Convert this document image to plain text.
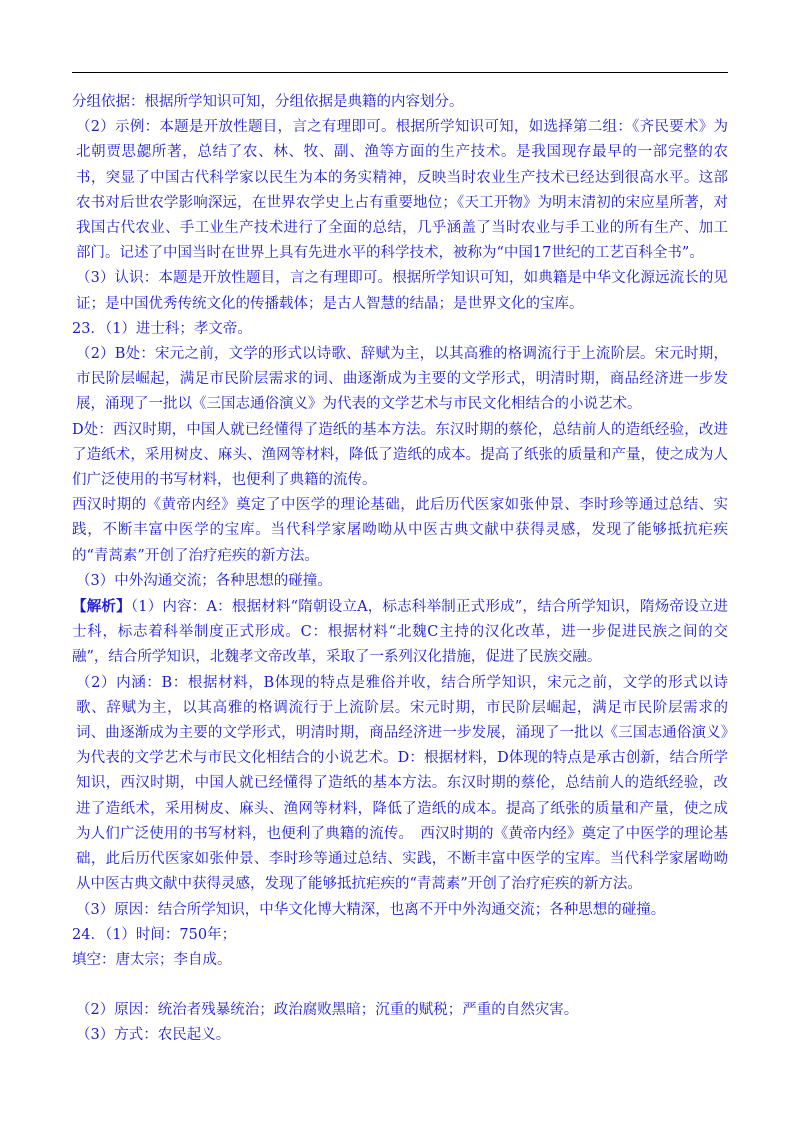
分组依据：根据所学知识可知，分组依据是典籍的内容划分。

（2）示例：本题是开放性题目，言之有理即可。根据所学知识可知，如选择第二组：《齐民要术》为北朝贾思勰所著，总结了农、林、牧、副、渔等方面的生产技术。是我国现存最早的一部完整的农书，突显了中国古代科学家以民生为本的务实精神，反映当时农业生产技术已经达到很高水平。这部农书对后世农学影响深远，在世界农学史上占有重要地位；《天工开物》为明末清初的宋应星所著，对我国古代农业、手工业生产技术进行了全面的总结，几乎涵盖了当时农业与手工业的所有生产、加工部门。记述了中国当时在世界上具有先进水平的科学技术，被称为“中国17世纪的工艺百科全书”。

（3）认识：本题是开放性题目，言之有理即可。根据所学知识可知，如典籍是中华文化源远流长的见证；是中国优秀传统文化的传播载体；是古人智慧的结晶；是世界文化的宝库。

23．（1）进士科；孝文帝。

（2）B处：宋元之前，文学的形式以诗歌、辞赋为主，以其高雅的格调流行于上流阶层。宋元时期，市民阶层崛起，满足市民阶层需求的词、曲逐渐成为主要的文学形式，明清时期，商品经济进一步发展，涌现了一批以《三国志通俗演义》为代表的文学艺术与市民文化相结合的小说艺术。

D处：西汉时期，中国人就已经懂得了造纸的基本方法。东汉时期的蔡伦，总结前人的造纸经验，改进了造纸术，采用树皮、麻头、渔网等材料，降低了造纸的成本。提高了纸张的质量和产量，使之成为人们广泛使用的书写材料，也便利了典籍的流传。

西汉时期的《黄帝内经》奠定了中医学的理论基础，此后历代医家如张仲景、李时珍等通过总结、实践，不断丰富中医学的宝库。当代科学家屠呦呦从中医古典文献中获得灵感，发现了能够抵抗疟疾的“青蒿素”开创了治疗疟疾的新方法。

（3）中外沟通交流；各种思想的碰撞。

【解析】（1）内容：A：根据材料“隋朝设立A，标志科举制正式形成”，结合所学知识，隋炀帝设立进士科，标志着科举制度正式形成。C：根据材料“北魏C主持的汉化改革，进一步促进民族之间的交融”，结合所学知识，北魏孝文帝改革，采取了一系列汉化措施，促进了民族交融。

（2）内涵：B：根据材料，B体现的特点是雅俗并收，结合所学知识，宋元之前，文学的形式以诗歌、辞赋为主，以其高雅的格调流行于上流阶层。宋元时期，市民阶层崛起，满足市民阶层需求的词、曲逐渐成为主要的文学形式，明清时期，商品经济进一步发展，涌现了一批以《三国志通俗演义》为代表的文学艺术与市民文化相结合的小说艺术。D：根据材料，D体现的特点是承古创新，结合所学知识，西汉时期，中国人就已经懂得了造纸的基本方法。东汉时期的蔡伦，总结前人的造纸经验，改进了造纸术，采用树皮、麻头、渔网等材料，降低了造纸的成本。提高了纸张的质量和产量，使之成为人们广泛使用的书写材料，也便利了典籍的流传。　西汉时期的《黄帝内经》奠定了中医学的理论基础，此后历代医家如张仲景、李时珍等通过总结、实践，不断丰富中医学的宝库。当代科学家屠呦呦从中医古典文献中获得灵感，发现了能够抵抗疟疾的“青蒿素”开创了治疗疟疾的新方法。

（3）原因：结合所学知识，中华文化博大精深，也离不开中外沟通交流；各种思想的碰撞。

24．（1）时间：750年；

填空：唐太宗；李自成。

（2）原因：统治者残暴统治；政治腐败黑暗；沉重的赋税；严重的自然灾害。

（3）方式：农民起义。
